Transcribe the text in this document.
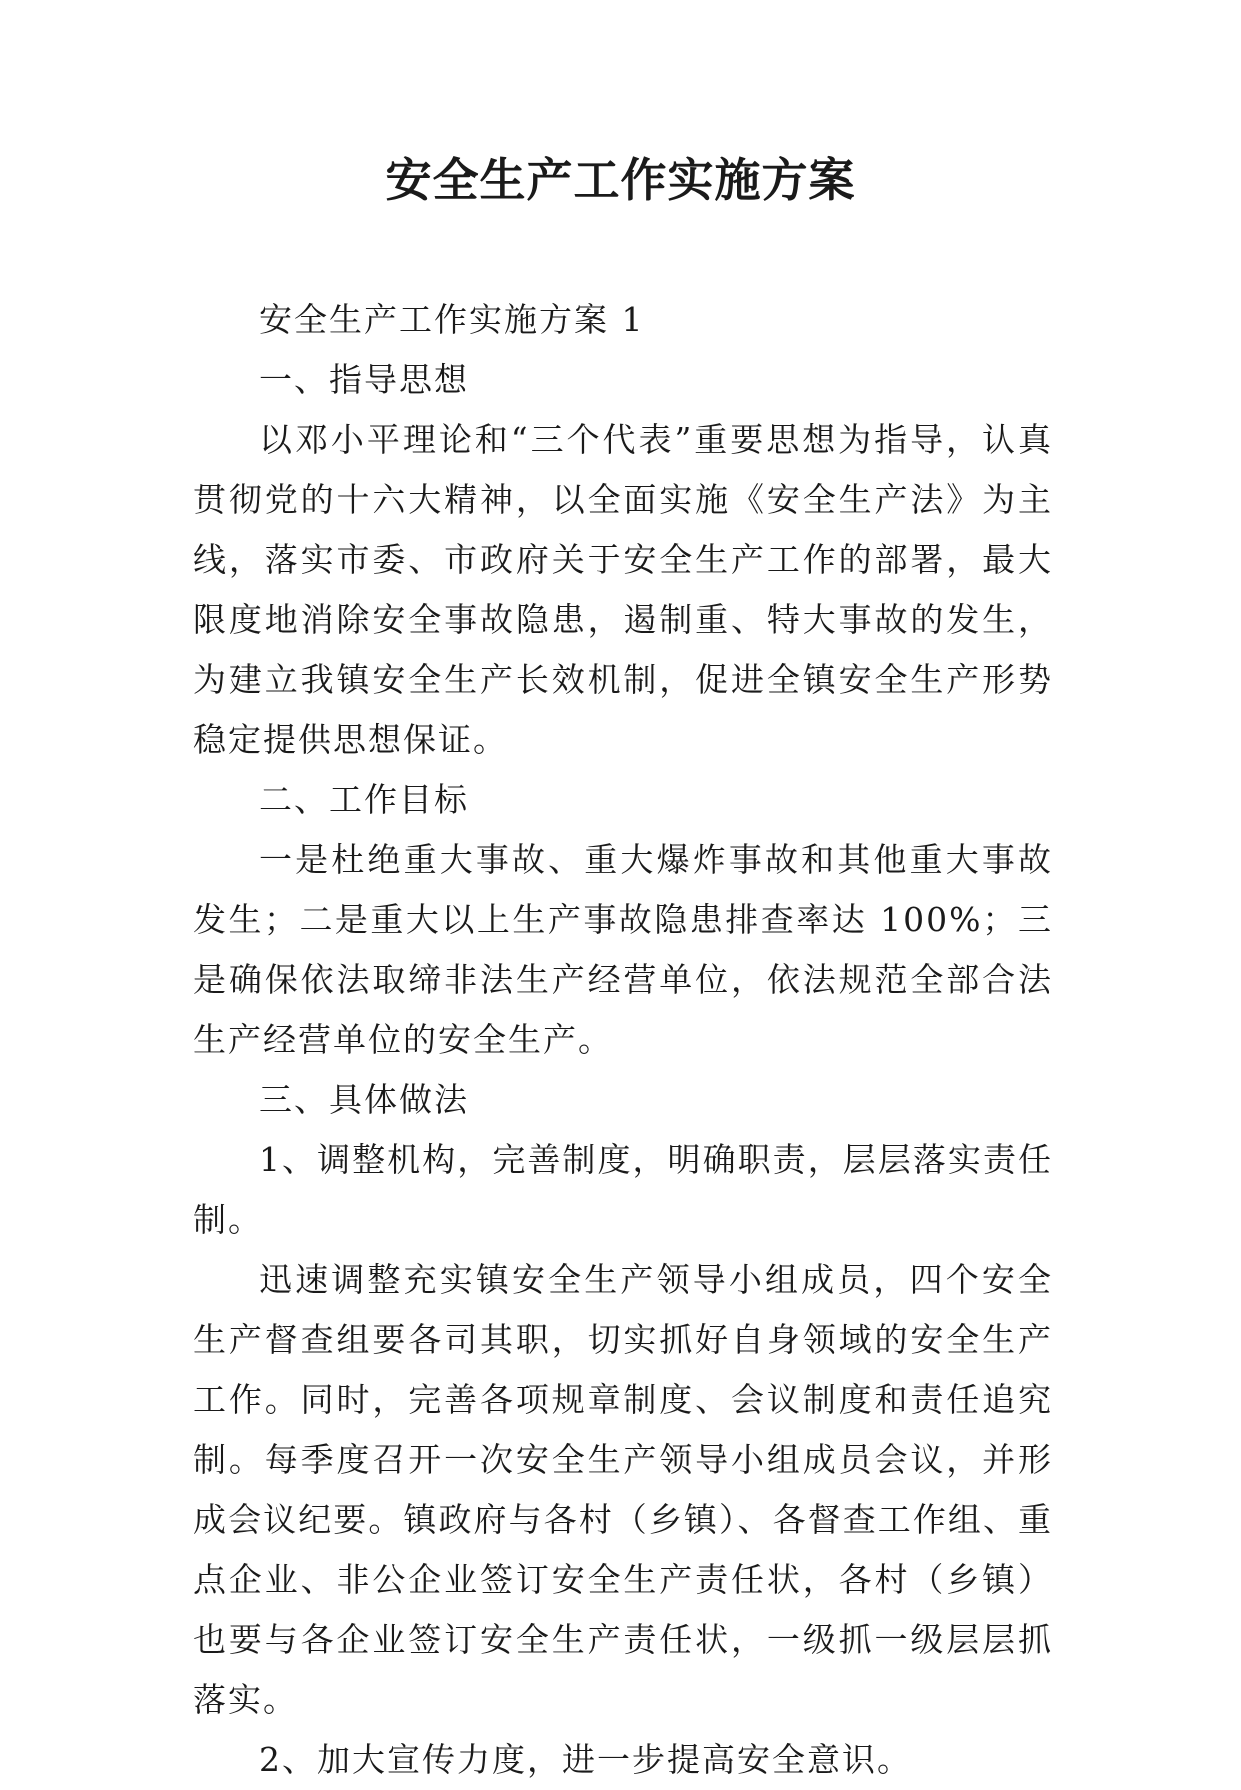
安全生产工作实施方案

安全生产工作实施方案 1

一、指导思想

以邓小平理论和“三个代表”重要思想为指导，认真贯彻党的十六大精神，以全面实施《安全生产法》为主线，落实市委、市政府关于安全生产工作的部署，最大限度地消除安全事故隐患，遏制重、特大事故的发生，为建立我镇安全生产长效机制，促进全镇安全生产形势稳定提供思想保证。

二、工作目标

一是杜绝重大事故、重大爆炸事故和其他重大事故发生；二是重大以上生产事故隐患排查率达 100%；三是确保依法取缔非法生产经营单位，依法规范全部合法生产经营单位的安全生产。

三、具体做法

1、调整机构，完善制度，明确职责，层层落实责任制。

迅速调整充实镇安全生产领导小组成员，四个安全生产督查组要各司其职，切实抓好自身领域的安全生产工作。同时，完善各项规章制度、会议制度和责任追究制。每季度召开一次安全生产领导小组成员会议，并形成会议纪要。镇政府与各村（乡镇）、各督查工作组、重点企业、非公企业签订安全生产责任状，各村（乡镇）也要与各企业签订安全生产责任状，一级抓一级层层抓落实。

2、加大宣传力度，进一步提高安全意识。
